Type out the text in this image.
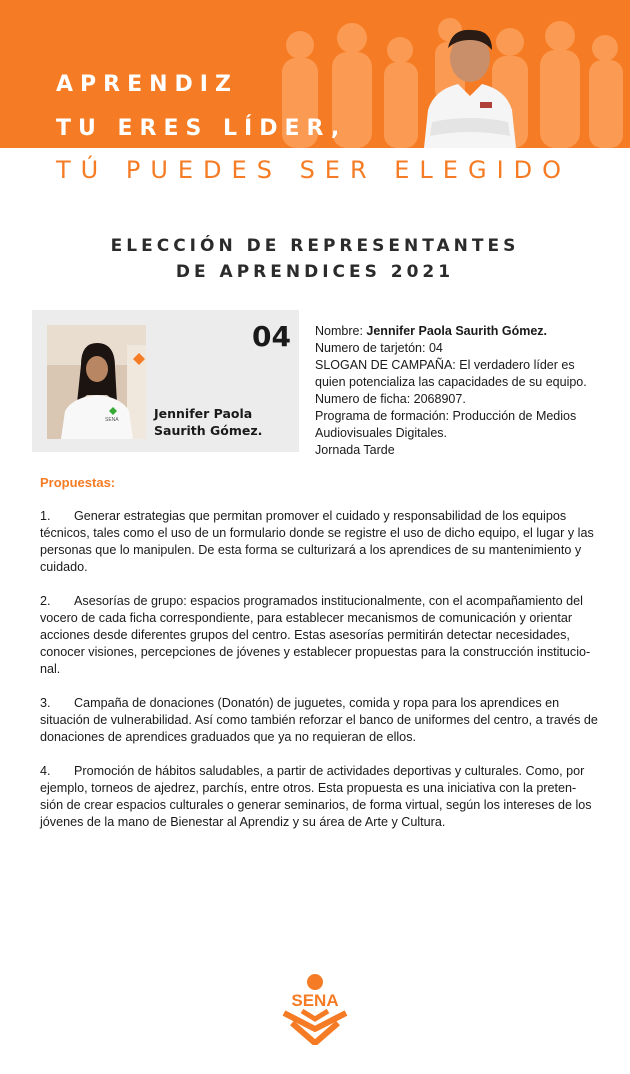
APRENDIZ
TU ERES LÍDER,
TÚ PUEDES SER ELEGIDO
ELECCIÓN DE REPRESENTANTES
DE APRENDICES 2021
SENA
04
Jennifer Paola
Saurith Gómez.
Nombre: Jennifer Paola Saurith Gómez.
Numero de tarjetón: 04
SLOGAN DE CAMPAÑA: El verdadero líder es
quien potencializa las capacidades de su equipo.
Numero de ficha: 2068907.
Programa de formación: Producción de Medios
Audiovisuales Digitales.
Jornada Tarde
Propuestas:

1. Generar estrategias que permitan promover el cuidado y responsabilidad de los equipos técnicos, tales como el uso de un formulario donde se registre el uso de dicho equipo, el lugar y las personas que lo manipulen. De esta forma se culturizará a los aprendices de su mantenimiento y cuidado.

2. Asesorías de grupo: espacios programados institucionalmente, con el acompañamiento del vocero de cada ficha correspondiente, para establecer mecanismos de comunicación y orientar acciones desde diferentes grupos del centro. Estas asesorías permitirán detectar necesidades, conocer visiones, percepciones de jóvenes y establecer propuestas para la construcción institucio-nal.

3. Campaña de donaciones (Donatón) de juguetes, comida y ropa para los aprendices en situación de vulnerabilidad. Así como también reforzar el banco de uniformes del centro, a través de donaciones de aprendices graduados que ya no requieran de ellos.

4. Promoción de hábitos saludables, a partir de actividades deportivas y culturales. Como, por ejemplo, torneos de ajedrez, parchís, entre otros. Esta propuesta es una iniciativa con la preten-sión de crear espacios culturales o generar seminarios, de forma virtual, según los intereses de los jóvenes de la mano de Bienestar al Aprendiz y su área de Arte y Cultura.

SENA
